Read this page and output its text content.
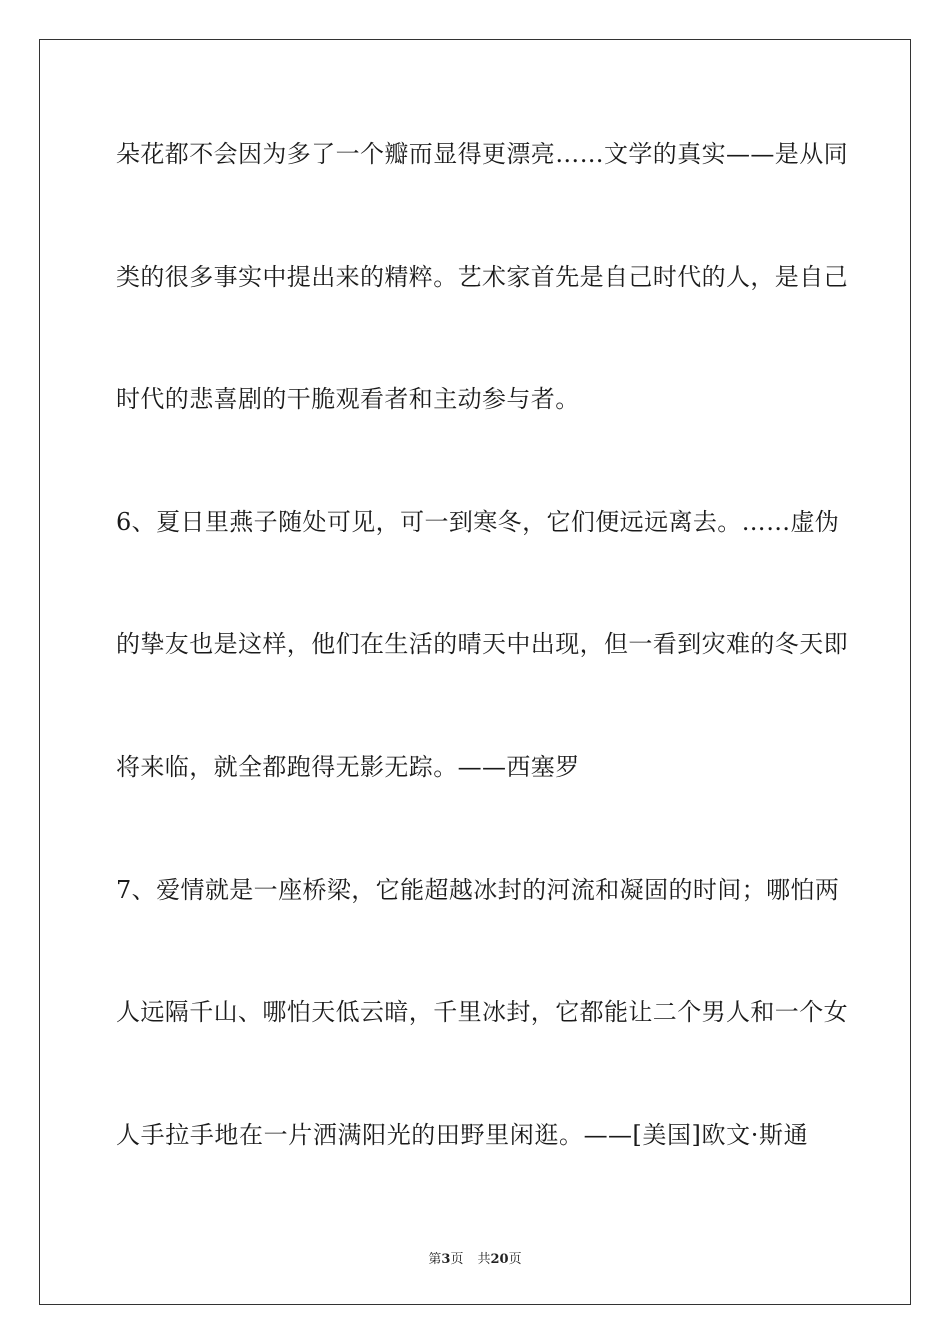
朵花都不会因为多了一个瓣而显得更漂亮……文学的真实——是从同
类的很多事实中提出来的精粹。艺术家首先是自己时代的人，是自己
时代的悲喜剧的干脆观看者和主动参与者。
6、夏日里燕子随处可见，可一到寒冬，它们便远远离去。……虚伪
的挚友也是这样，他们在生活的晴天中出现，但一看到灾难的冬天即
将来临，就全都跑得无影无踪。——西塞罗
7、爱情就是一座桥梁，它能超越冰封的河流和凝固的时间；哪怕两
人远隔千山、哪怕天低云暗，千里冰封，它都能让二个男人和一个女
人手拉手地在一片洒满阳光的田野里闲逛。——[美国]欧文·斯通
第3页 共20页
